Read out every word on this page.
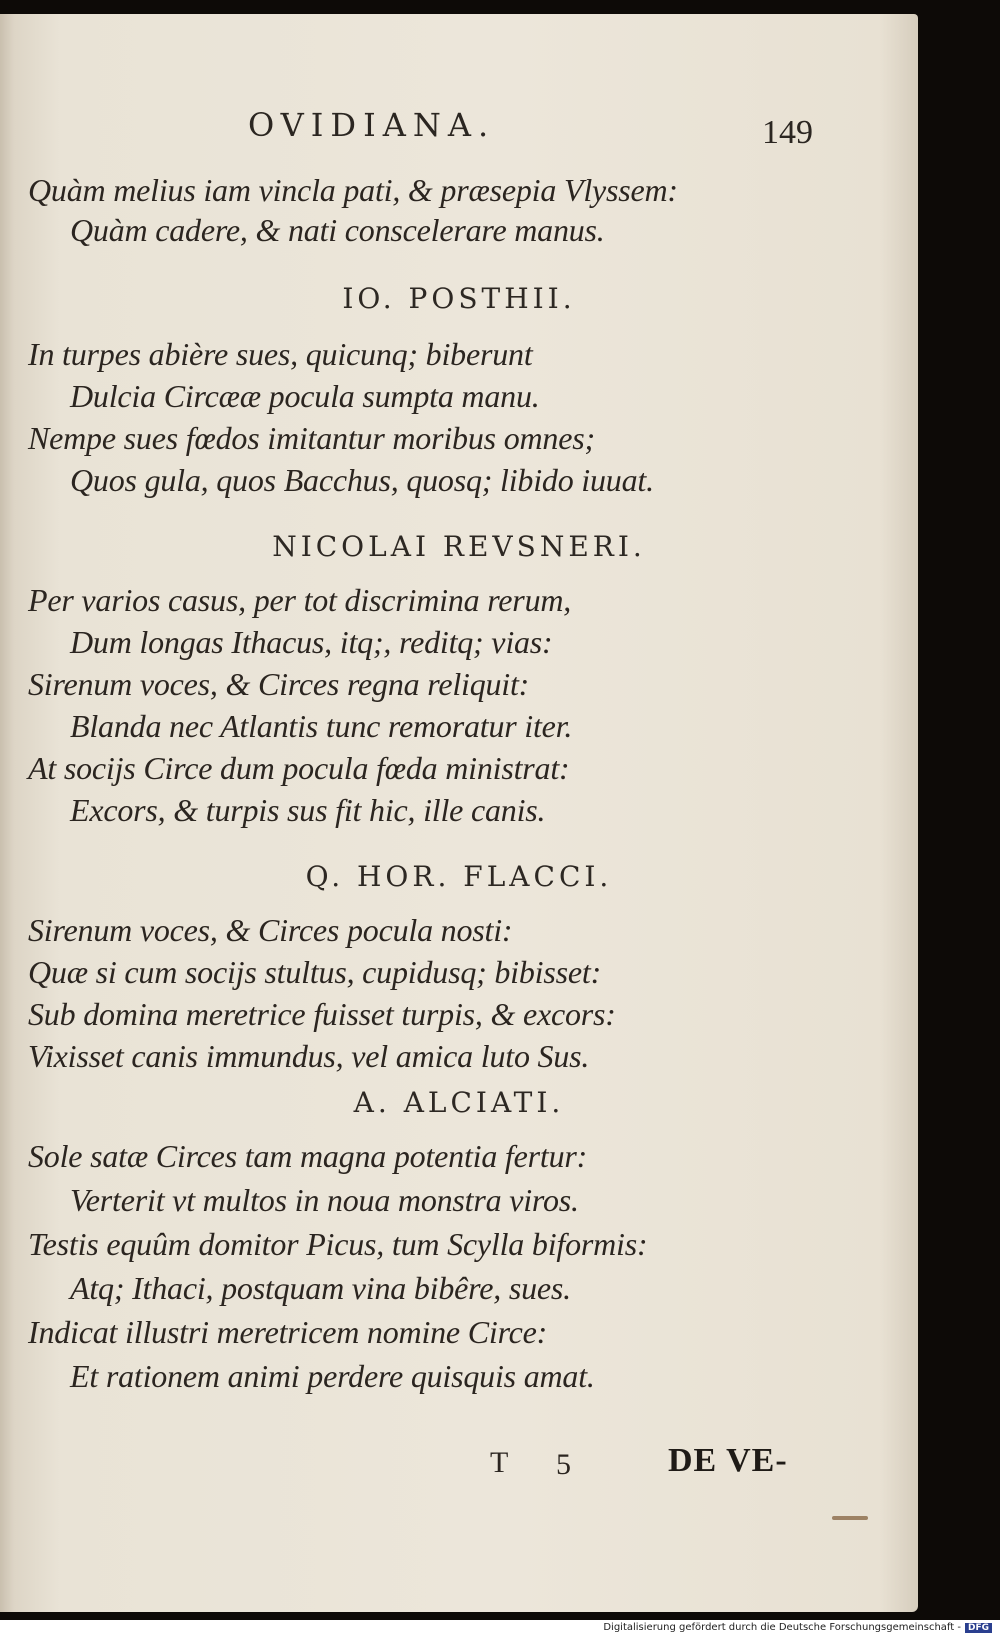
OVIDIANA.	149
Quàm melius iam vincla pati, & præsepia Vlyssem:
Quàm cadere, & nati conscelerare manus.
IO. POSTHII.
In turpes abière sues, quicunq; biberunt
Dulcia Circææ pocula sumpta manu.
Nempe sues fœdos imitantur moribus omnes;
Quos gula, quos Bacchus, quosq; libido iuuat.
NICOLAI REVSNERI.
Per varios casus, per tot discrimina rerum,
Dum longas Ithacus, itq;, reditq; vias:
Sirenum voces, & Circes regna reliquit:
Blanda nec Atlantis tunc remoratur iter.
At socijs Circe dum pocula fœda ministrat:
Excors, & turpis sus fit hic, ille canis.
Q. HOR. FLACCI.
Sirenum voces, & Circes pocula nosti:
Quæ si cum socijs stultus, cupidusq; bibisset:
Sub domina meretrice fuisset turpis, & excors:
Vixisset canis immundus, vel amica luto Sus.
A. ALCIATI.
Sole satæ Circes tam magna potentia fertur:
Verterit vt multos in noua monstra viros.
Testis equûm domitor Picus, tum Scylla biformis:
Atq; Ithaci, postquam vina bibêre, sues.
Indicat illustri meretricem nomine Circe:
Et rationem animi perdere quisquis amat.
T 5	DE VE-
Digitalisierung gefördert durch die Deutsche Forschungsgemeinschaft - DFG
